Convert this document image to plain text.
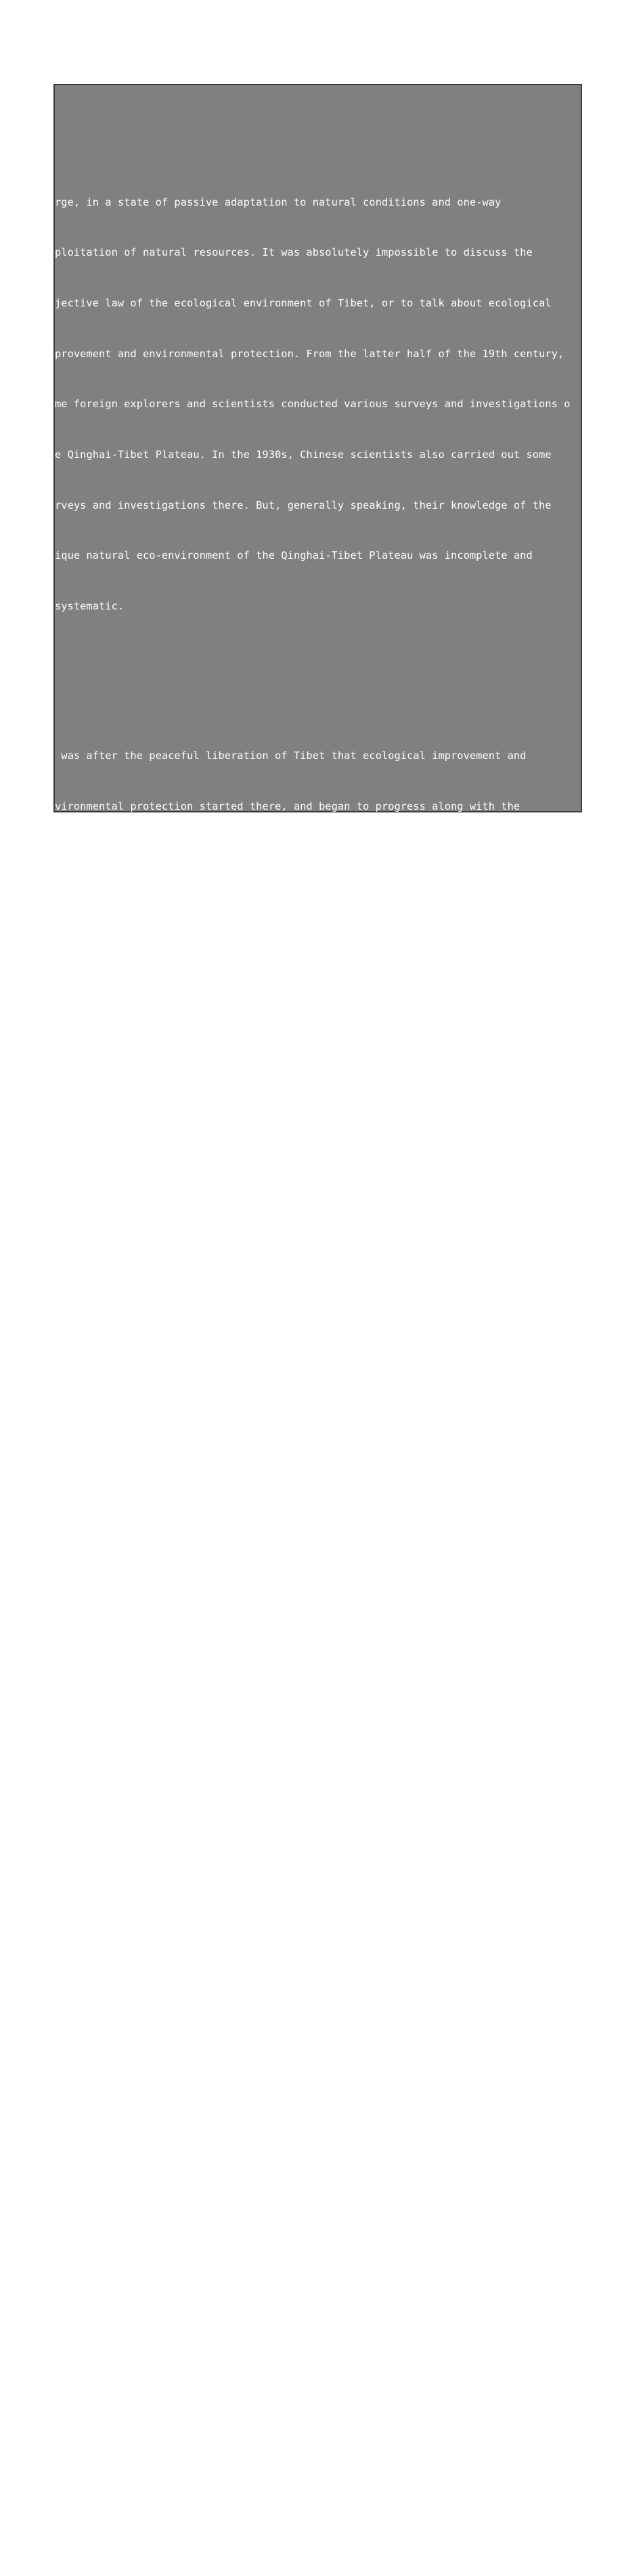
rge, in a state of passive adaptation to natural conditions and one-way

ploitation of natural resources. It was absolutely impossible to discuss the

jective law of the ecological environment of Tibet, or to talk about ecological

provement and environmental protection. From the latter half of the 19th century,

me foreign explorers and scientists conducted various surveys and investigations o

e Qinghai-Tibet Plateau. In the 1930s, Chinese scientists also carried out some

rveys and investigations there. But, generally speaking, their knowledge of the

ique natural eco-environment of the Qinghai-Tibet Plateau was incomplete and

systematic.

was after the peaceful liberation of Tibet that ecological improvement and

vironmental protection started there, and began to progress along with the

dernization of Tibet.

The peaceful liberation initiated the process of scientific understanding,

luntary protection and active improvement of the ecological environment in Tibet.

ortly after the peaceful liberation of Tibet in 1951, in order to unveil the

steries of the Qinghai-Tibet Plateau and promote Tibet's social progress and

velopment, the Central People's Government organized the "Tibet Work Team of the

vernment Administration Council" (on the basis of which the "Tibet Comprehensive

ploration Team of the Chinese Academy of Sciences"was established in 1958), to

plore and assess land, forest, pastureland, water conservancy and mineral resource

Tibet. The work team put forward a proposal for scientific development and

ilization, which started the process of scientific understanding,utilization and

otection of the ecological environment in Tibet.

the same time, ecological improvement and environmental protection work gradually

folded, with the aim of improving the subsistence conditions on the Tibet Plateau.

e State sent forestry specialists to explore parts of the Yarlungzangbo River

lley, and carried out experiments in the cultivation of tree saplings and

forestation at the July 1 Farm in the western suburbs of Lhasa, which laid the

undation for large-scale afforestation and ecological improvement in Tibet. After

e implementation of the Democratic Reform in 1959, a mass voluntary tree-planting

ive using local tree species as the main breeds was launched in a big way in Tibet

ch afforestation efforts enabled the people in Tibet to achieve a qualitative leap

om the centuries-old passive adaptation to natural conditions to remaking nature o

eir own initiative.

ter the founding of the People's Government of the Tibet Autonomous Region in

ptember 1965, ecological improvement and environmental protection were put on

vernment agenda and thus organizationally guaranteed, along with the progress of

rk in all spheres achieved by the people's democratic government. In 1975, the
